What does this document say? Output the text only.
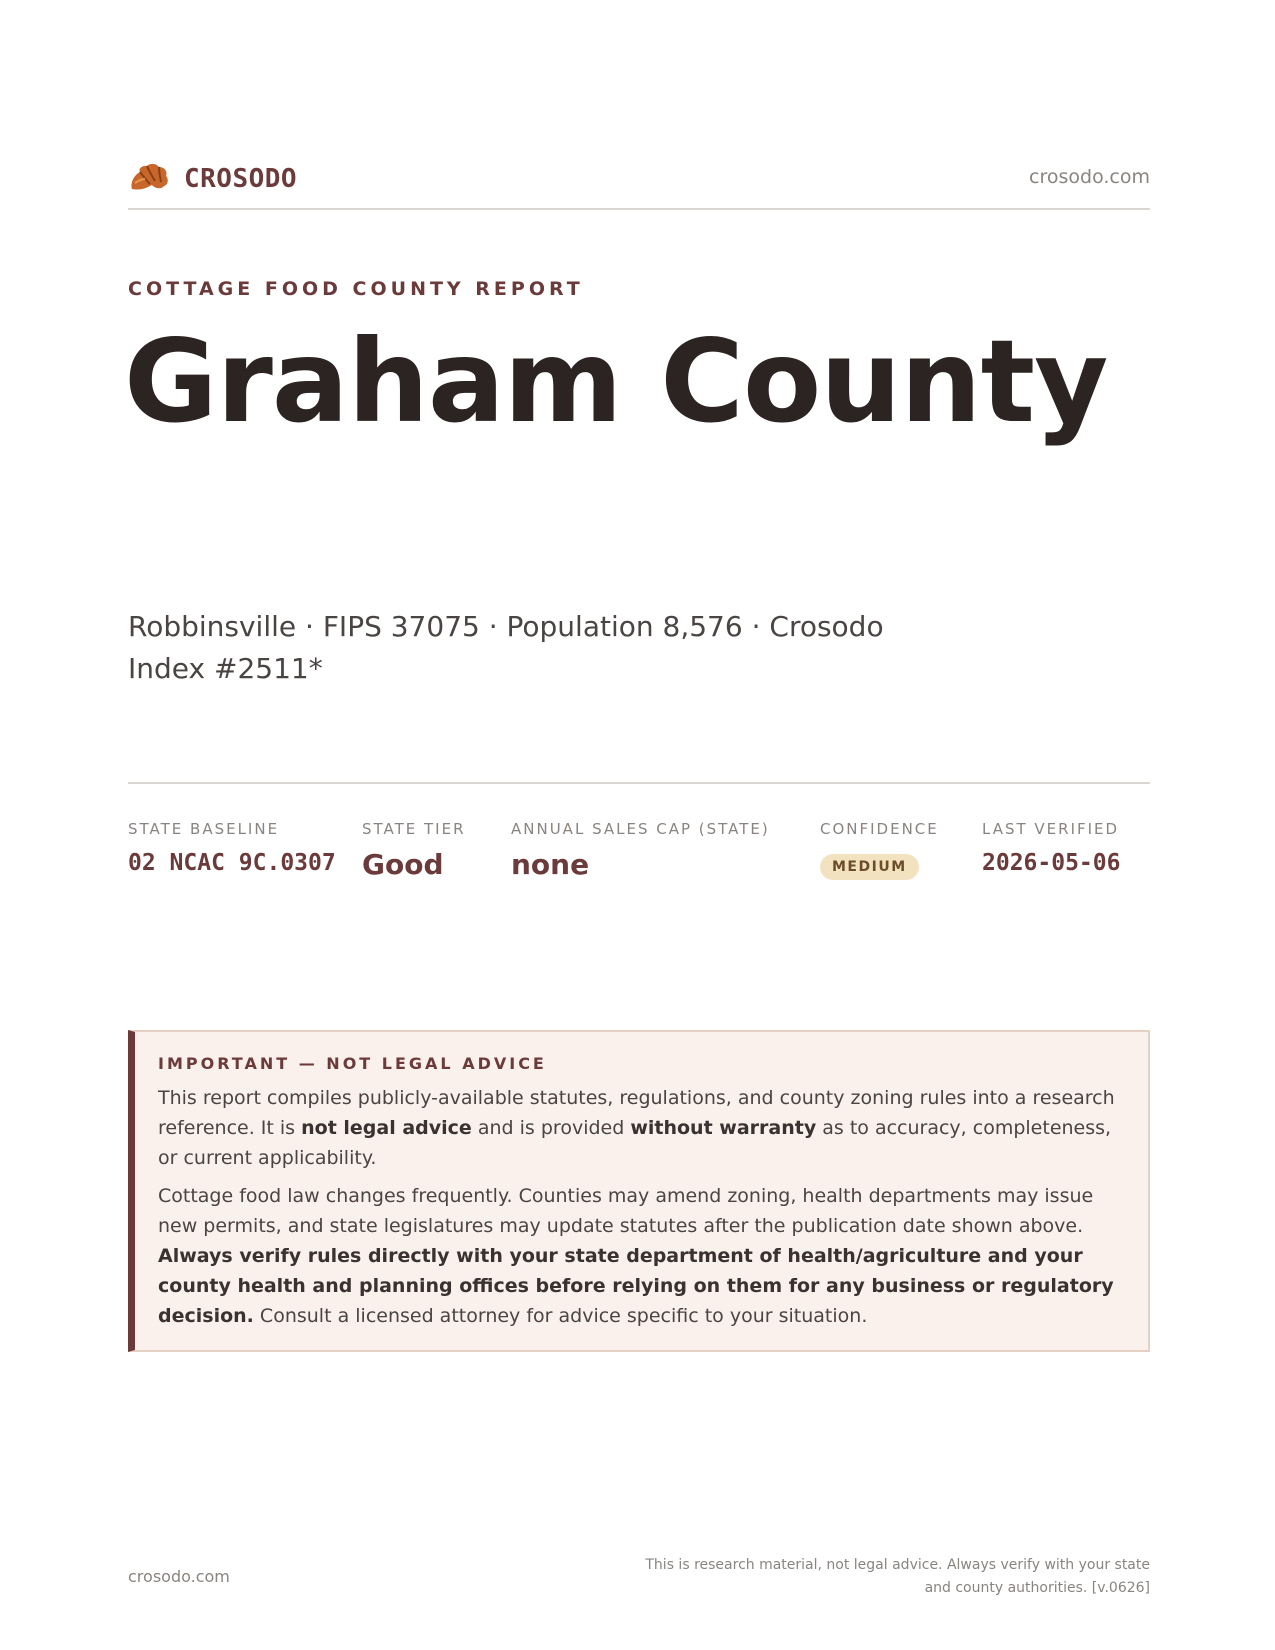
CROSODO	crosodo.com
COTTAGE FOOD COUNTY REPORT
Graham County
Robbinsville · FIPS 37075 · Population 8,576 · Crosodo Index #2511*
STATE BASELINE
02 NCAC 9C.0307
STATE TIER
Good
ANNUAL SALES CAP (STATE)
none
CONFIDENCE
MEDIUM
LAST VERIFIED
2026-05-06
IMPORTANT — NOT LEGAL ADVICE

This report compiles publicly-available statutes, regulations, and county zoning rules into a research reference. It is not legal advice and is provided without warranty as to accuracy, completeness, or current applicability.

Cottage food law changes frequently. Counties may amend zoning, health departments may issue new permits, and state legislatures may update statutes after the publication date shown above. Always verify rules directly with your state department of health/agriculture and your county health and planning offices before relying on them for any business or regulatory decision. Consult a licensed attorney for advice specific to your situation.

crosodo.com
This is research material, not legal advice. Always verify with your state
and county authorities. [v.0626]
